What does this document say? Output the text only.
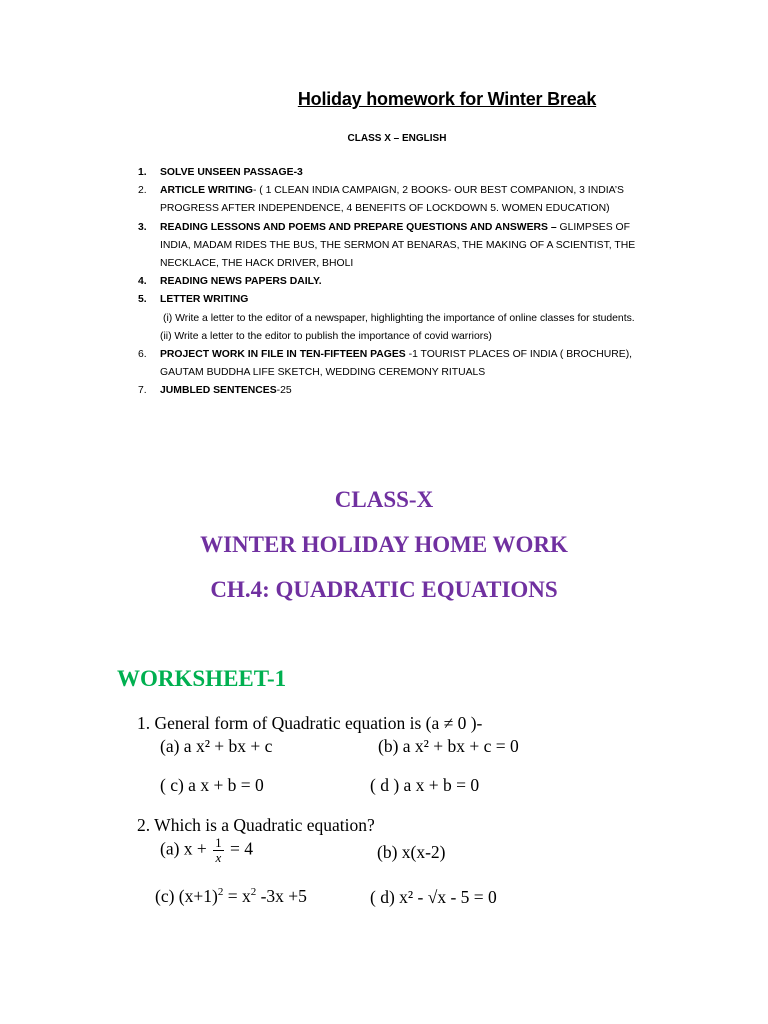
Holiday homework for Winter Break

CLASS X – ENGLISH

1. SOLVE UNSEEN PASSAGE-3
2. ARTICLE WRITING- ( 1 CLEAN INDIA CAMPAIGN, 2 BOOKS- OUR BEST COMPANION, 3 INDIA’S PROGRESS AFTER INDEPENDENCE, 4 BENEFITS OF LOCKDOWN 5. WOMEN EDUCATION)
3. READING LESSONS AND POEMS AND PREPARE QUESTIONS AND ANSWERS – GLIMPSES OF INDIA, MADAM RIDES THE BUS, THE SERMON AT BENARAS, THE MAKING OF A SCIENTIST, THE NECKLACE, THE HACK DRIVER, BHOLI
4. READING NEWS PAPERS DAILY.
5. LETTER WRITING
(i) Write a letter to the editor of a newspaper, highlighting the importance of online classes for students.
(ii) Write a letter to the editor to publish the importance of covid warriors)
6. PROJECT WORK IN FILE IN TEN-FIFTEEN PAGES -1 TOURIST PLACES OF INDIA ( BROCHURE), GAUTAM BUDDHA LIFE SKETCH, WEDDING CEREMONY RITUALS
7. JUMBLED SENTENCES-25
CLASS-X
WINTER HOLIDAY HOME WORK
CH.4: QUADRATIC EQUATIONS
WORKSHEET-1
1. General form of Quadratic equation is (a ≠ 0 )-
(a) a x² + bx + c	(b) a x² + bx + c = 0
( c) a x + b = 0	( d ) a x + b = 0
2. Which is a Quadratic equation?
(a) $x + \frac{1}{x} = 4$	(b) x(x-2)
(c) $(x+1)^2 = x^2$ -3x +5	( d) x² - √x - 5 = 0
